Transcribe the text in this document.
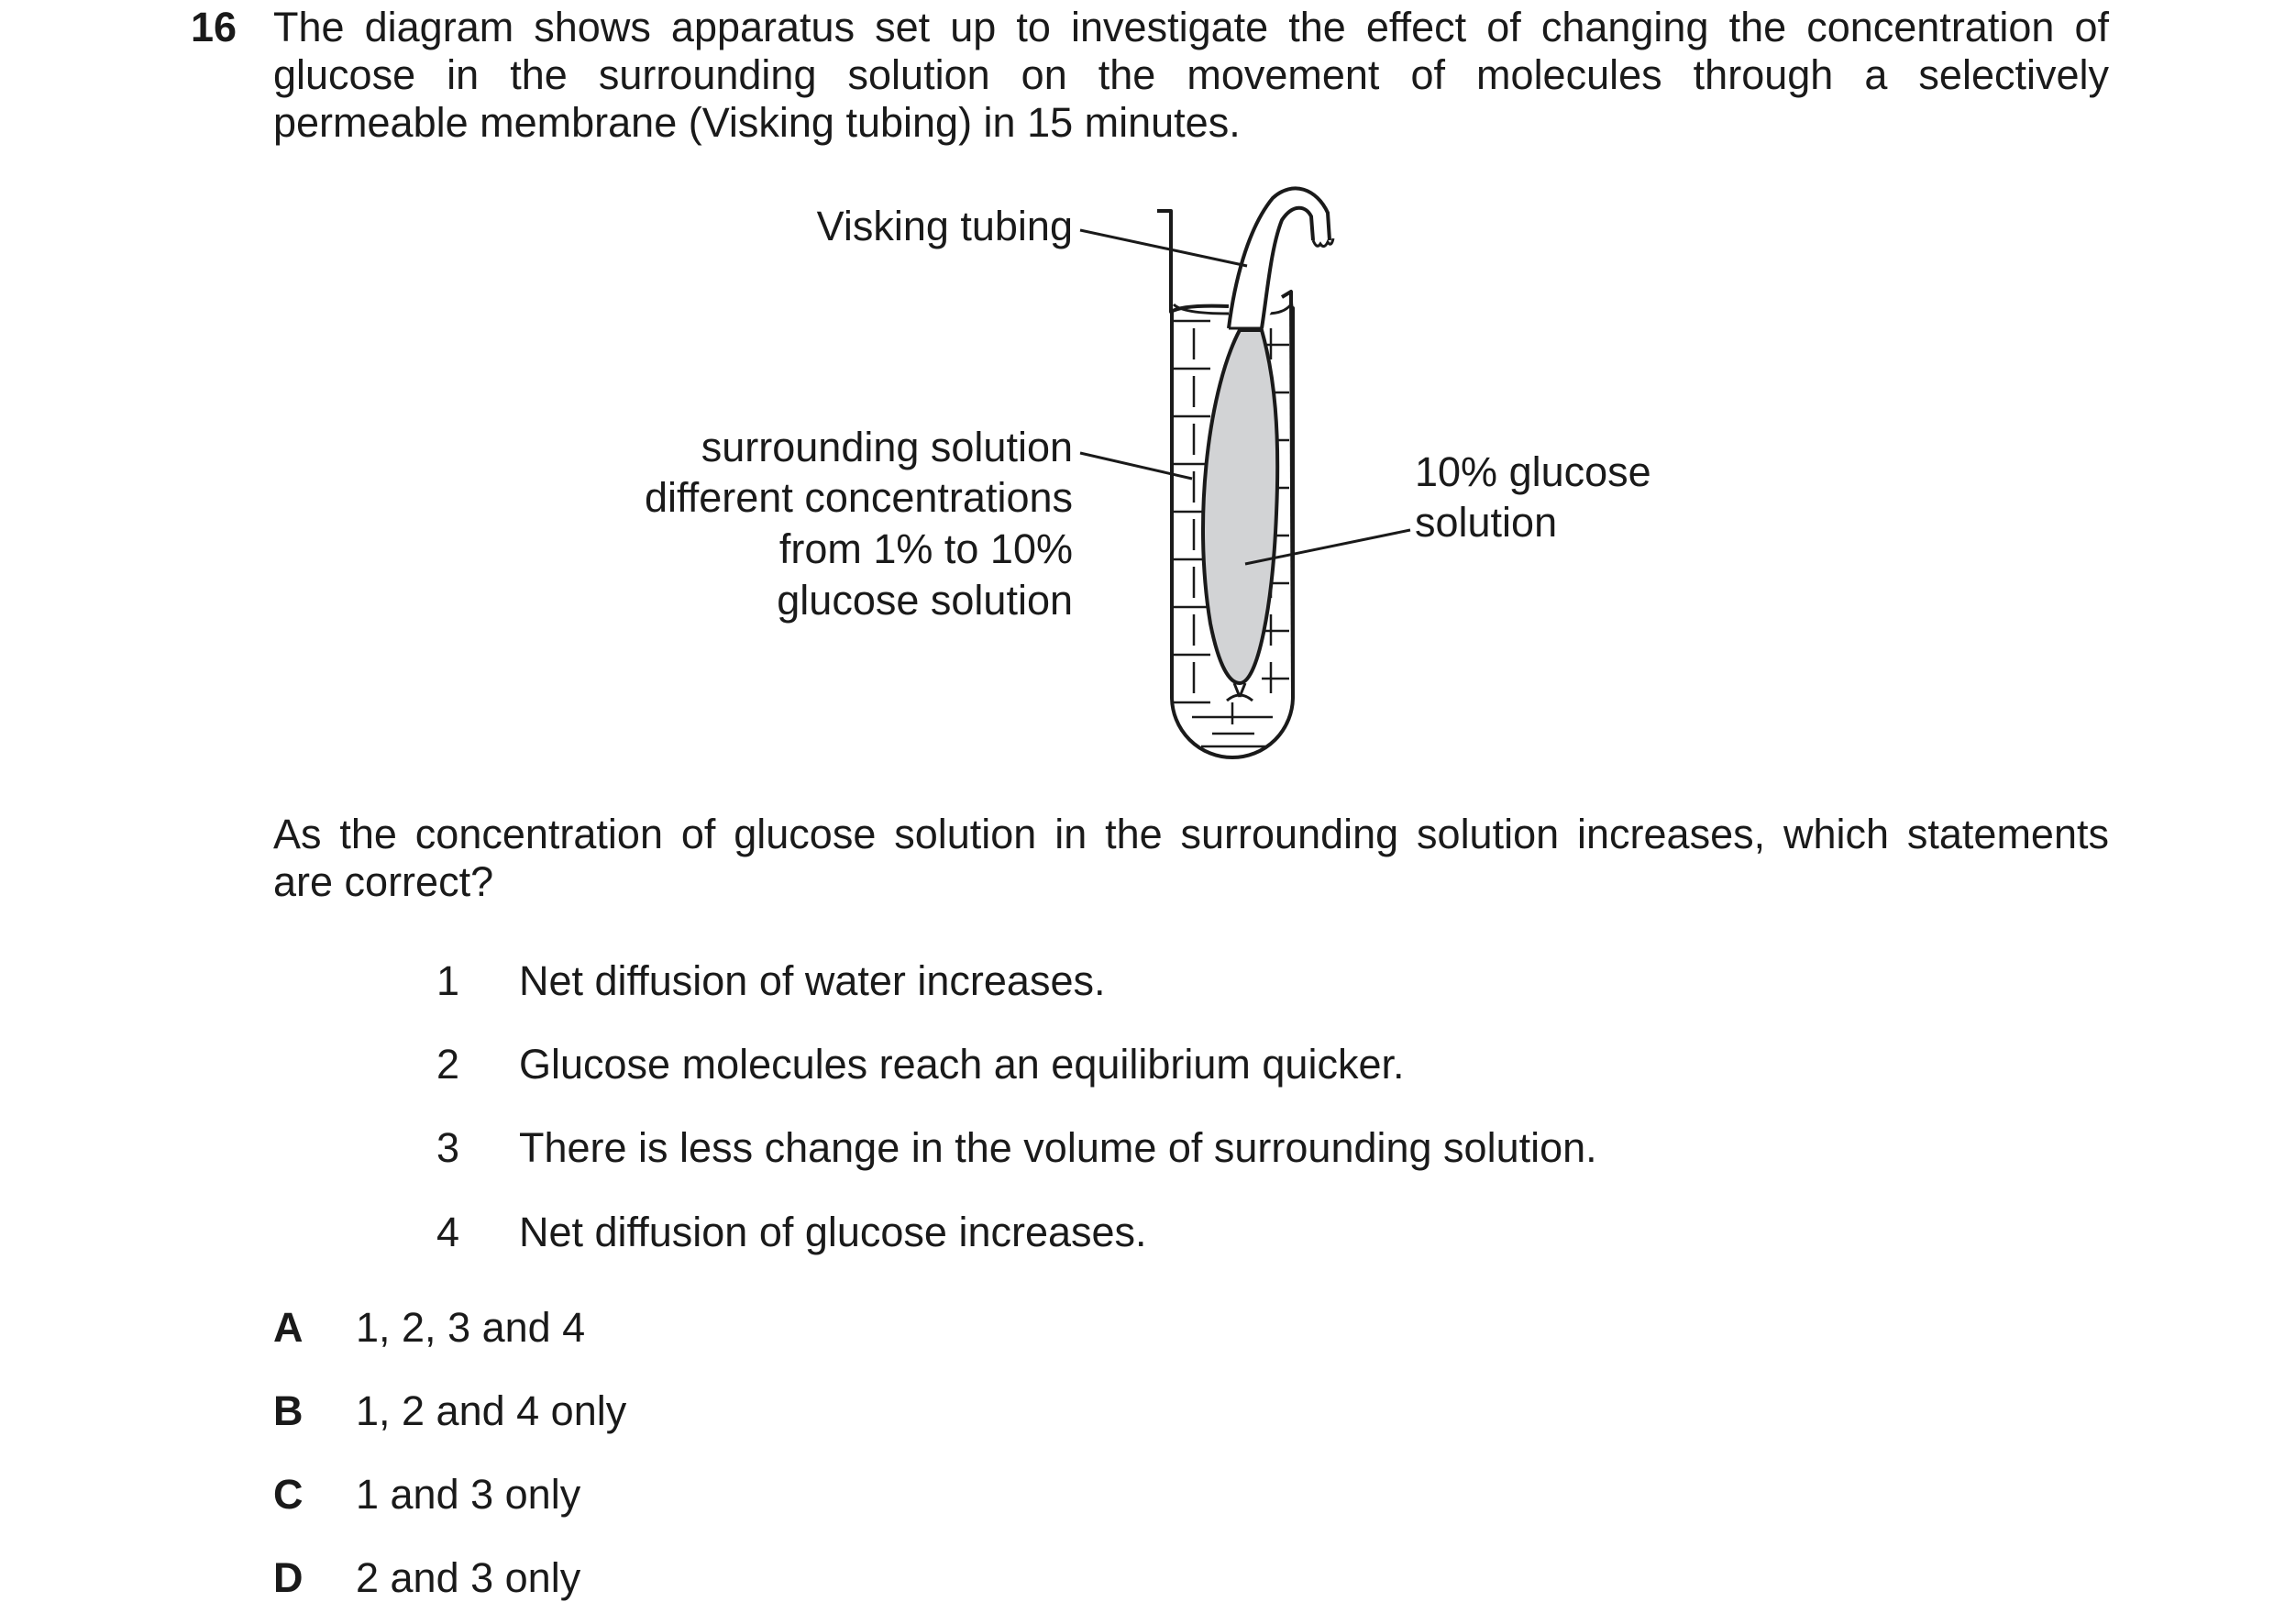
16 The diagram shows apparatus set up to investigate the effect of changing the concentration of
glucose in the surrounding solution on the movement of molecules through a selectively
permeable membrane (Visking tubing) in 15 minutes.
Visking tubing
surrounding solution
different concentrations
from 1% to 10%
glucose solution
10% glucose
solution
As the concentration of glucose solution in the surrounding solution increases, which statements
are correct?
1 Net diffusion of water increases.
2 Glucose molecules reach an equilibrium quicker.
3 There is less change in the volume of surrounding solution.
4 Net diffusion of glucose increases.
A 1, 2, 3 and 4
B 1, 2 and 4 only
C 1 and 3 only
D 2 and 3 only
